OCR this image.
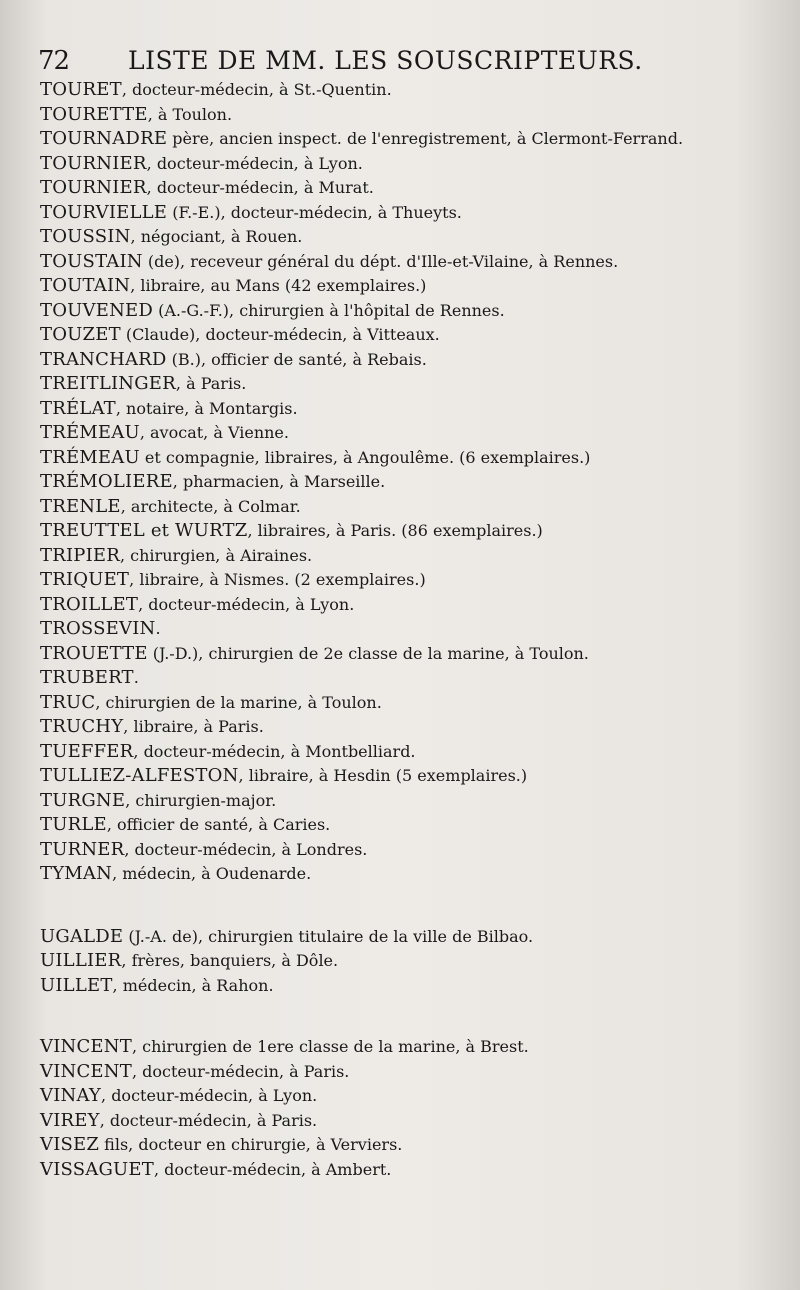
72 LISTE DE MM. LES SOUSCRIPTEURS.
TOURET, docteur-médecin, à St.-Quentin.
TOURETTE, à Toulon.
TOURNADRE père, ancien inspect. de l'enregistrement, à Clermont-Ferrand.
TOURNIER, docteur-médecin, à Lyon.
TOURNIER, docteur-médecin, à Murat.
TOURVIELLE (F.-E.), docteur-médecin, à Thueyts.
TOUSSIN, négociant, à Rouen.
TOUSTAIN (de), receveur général du dépt. d'Ille-et-Vilaine, à Rennes.
TOUTAIN, libraire, au Mans (42 exemplaires.)
TOUVENED (A.-G.-F.), chirurgien à l'hôpital de Rennes.
TOUZET (Claude), docteur-médecin, à Vitteaux.
TRANCHARD (B.), officier de santé, à Rebais.
TREITLINGER, à Paris.
TRÉLAT, notaire, à Montargis.
TRÉMEAU, avocat, à Vienne.
TRÉMEAU et compagnie, libraires, à Angoulême. (6 exemplaires.)
TRÉMOLIERE, pharmacien, à Marseille.
TRENLE, architecte, à Colmar.
TREUTTEL et WURTZ, libraires, à Paris. (86 exemplaires.)
TRIPIER, chirurgien, à Airaines.
TRIQUET, libraire, à Nismes. (2 exemplaires.)
TROILLET, docteur-médecin, à Lyon.
TROSSEVIN.
TROUETTE (J.-D.), chirurgien de 2e classe de la marine, à Toulon.
TRUBERT.
TRUC, chirurgien de la marine, à Toulon.
TRUCHY, libraire, à Paris.
TUEFFER, docteur-médecin, à Montbelliard.
TULLIEZ-ALFESTON, libraire, à Hesdin (5 exemplaires.)
TURGNE, chirurgien-major.
TURLE, officier de santé, à Caries.
TURNER, docteur-médecin, à Londres.
TYMAN, médecin, à Oudenarde.
UGALDE (J.-A. de), chirurgien titulaire de la ville de Bilbao.
UILLIER, frères, banquiers, à Dôle.
UILLET, médecin, à Rahon.
VINCENT, chirurgien de 1ere classe de la marine, à Brest.
VINCENT, docteur-médecin, à Paris.
VINAY, docteur-médecin, à Lyon.
VIREY, docteur-médecin, à Paris.
VISEZ fils, docteur en chirurgie, à Verviers.
VISSAGUET, docteur-médecin, à Ambert.
